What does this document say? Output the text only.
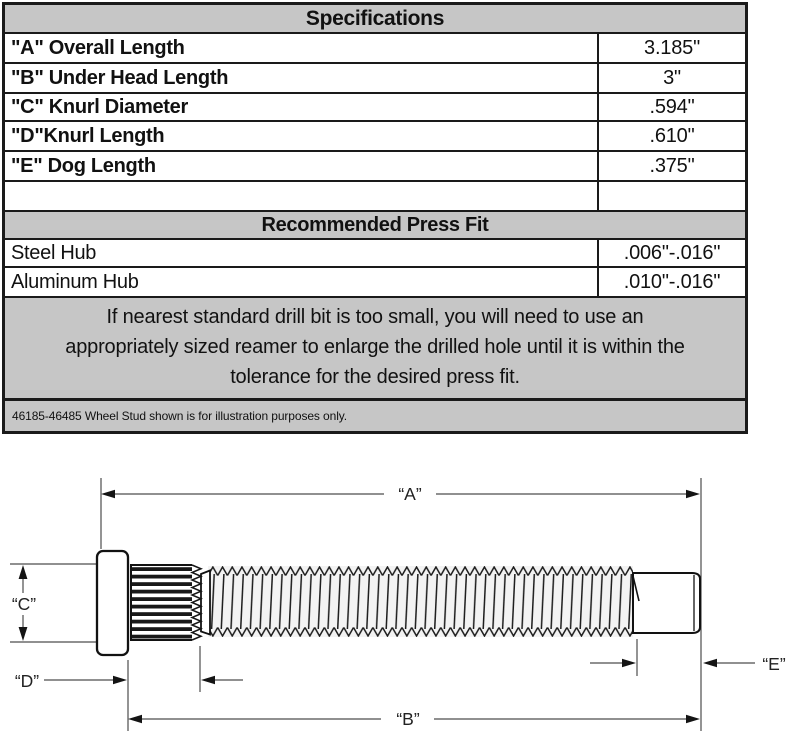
Specifications
"A" Overall Length	3.185"
"B" Under Head Length	3"
"C" Knurl Diameter	.594"
"D"Knurl Length	.610"
"E" Dog Length	.375"
Recommended Press Fit
Steel Hub	.006"-.016"
Aluminum Hub	.010"-.016"
If nearest standard drill bit is too small, you will need to use an
appropriately sized reamer to enlarge the drilled hole until it is within the
tolerance for the desired press fit.
46185-46485 Wheel Stud shown is for illustration purposes only.
“A”
“C”
“D”
“E”
“B”
